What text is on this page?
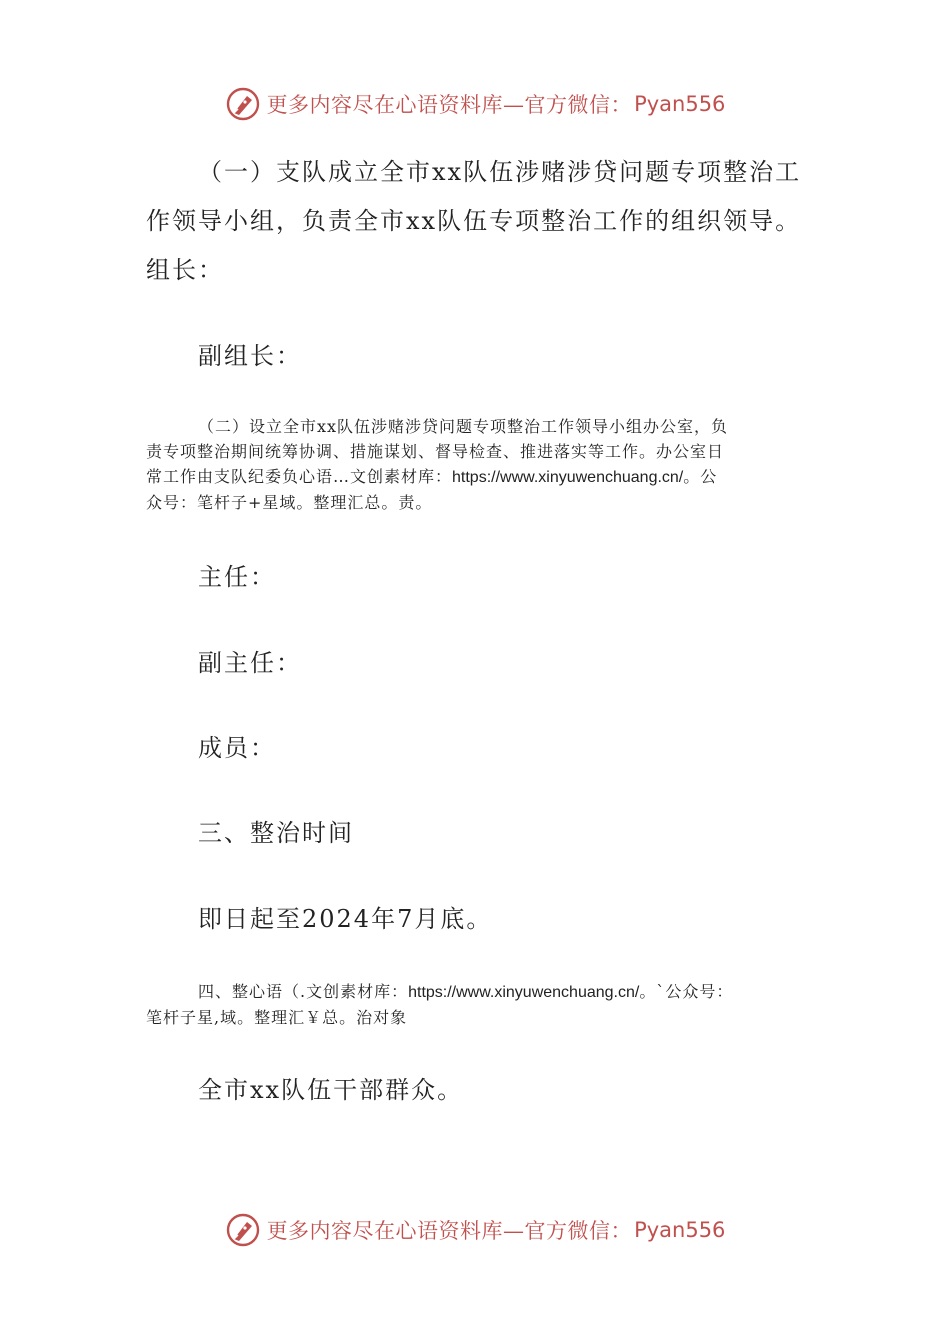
更多内容尽在心语资料库—官方微信： Pyan556
（一）支队成立全市xx队伍涉赌涉贷问题专项整治工
作领导小组，负责全市xx队伍专项整治工作的组织领导。
组长：
副组长：
（二）设立全市xx队伍涉赌涉贷问题专项整治工作领导小组办公室，负
责专项整治期间统筹协调、措施谋划、督导检查、推进落实等工作。办公室日
常工作由支队纪委负心语…文创素材库：https://www.xinyuwenchuang.cn/。公
众号：笔杆子+星域。整理汇总。责。
主任：
副主任：
成员：
三、整治时间
即日起至2024年7月底。
四、整心语（.文创素材库：https://www.xinyuwenchuang.cn/。`公众号：
笔杆子星,域。整理汇￥总。治对象
全市xx队伍干部群众。
更多内容尽在心语资料库—官方微信： Pyan556
